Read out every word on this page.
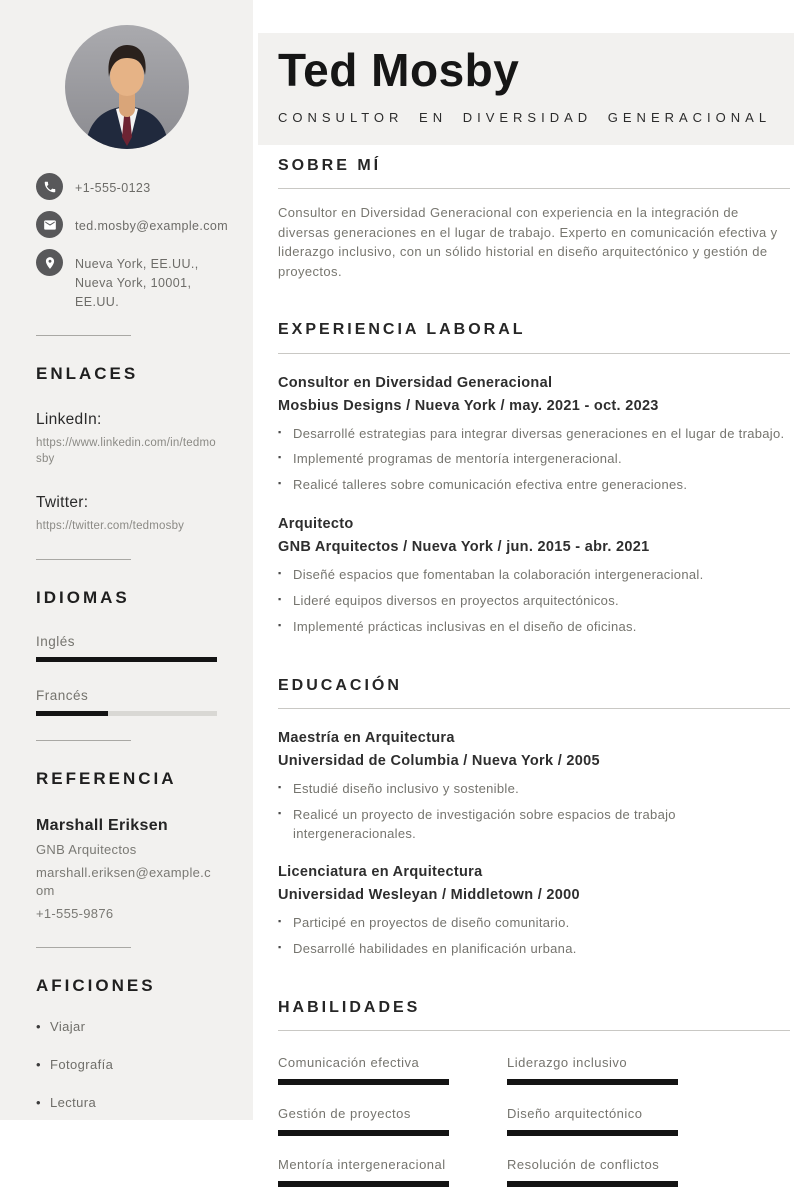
+1-555-0123
ted.mosby@example.com
Nueva York, EE.UU.,
Nueva York, 10001,
EE.UU.
ENLACES
LinkedIn:
https://www.linkedin.com/in/tedmosby
Twitter:
https://twitter.com/tedmosby
IDIOMAS
Inglés
Francés
REFERENCIA
Marshall Eriksen
GNB Arquitectos
marshall.eriksen@example.com
+1-555-9876
AFICIONES
• Viajar
• Fotografía
• Lectura
Ted Mosby
CONSULTOR EN DIVERSIDAD GENERACIONAL
SOBRE MÍ

Consultor en Diversidad Generacional con experiencia en la integración de diversas generaciones en el lugar de trabajo. Experto en comunicación efectiva y liderazgo inclusivo, con un sólido historial en diseño arquitectónico y gestión de proyectos.

EXPERIENCIA LABORAL
Consultor en Diversidad Generacional
Mosbius Designs / Nueva York / may. 2021 - oct. 2023
▪ Desarrollé estrategias para integrar diversas generaciones en el lugar de trabajo.
▪ Implementé programas de mentoría intergeneracional.
▪ Realicé talleres sobre comunicación efectiva entre generaciones.
Arquitecto
GNB Arquitectos / Nueva York / jun. 2015 - abr. 2021
▪ Diseñé espacios que fomentaban la colaboración intergeneracional.
▪ Lideré equipos diversos en proyectos arquitectónicos.
▪ Implementé prácticas inclusivas en el diseño de oficinas.
EDUCACIÓN
Maestría en Arquitectura
Universidad de Columbia / Nueva York / 2005
▪ Estudié diseño inclusivo y sostenible.
▪ Realicé un proyecto de investigación sobre espacios de trabajo intergeneracionales.
Licenciatura en Arquitectura
Universidad Wesleyan / Middletown / 2000
▪ Participé en proyectos de diseño comunitario.
▪ Desarrollé habilidades en planificación urbana.
HABILIDADES
Comunicación efectiva	Liderazgo inclusivo
Gestión de proyectos	Diseño arquitectónico
Mentoría intergeneracional	Resolución de conflictos
